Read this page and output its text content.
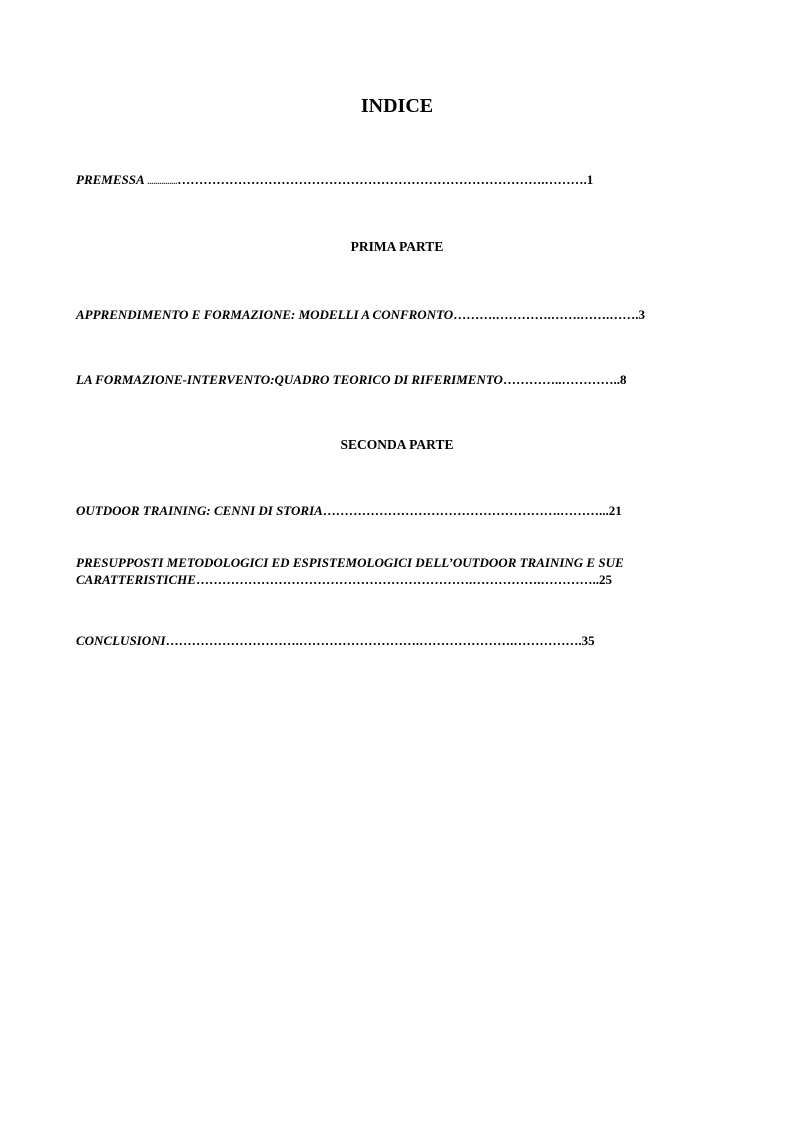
INDICE
PREMESSA ...............………………………………………………………………………….……….1
PRIMA PARTE
APPRENDIMENTO E FORMAZIONE: MODELLI A CONFRONTO……….………….…….…….…….3
LA FORMAZIONE-INTERVENTO:QUADRO TEORICO DI RIFERIMENTO…………..…………..8
SECONDA PARTE
OUTDOOR TRAINING: CENNI DI STORIA……………………………………………….………...21
PRESUPPOSTI METODOLOGICI ED ESPISTEMOLOGICI DELL’OUTDOOR TRAINING E SUE
CARATTERISTICHE……………………………………………………….…………….…………..25
CONCLUSIONI………………………….……………………….………………….…………….35
